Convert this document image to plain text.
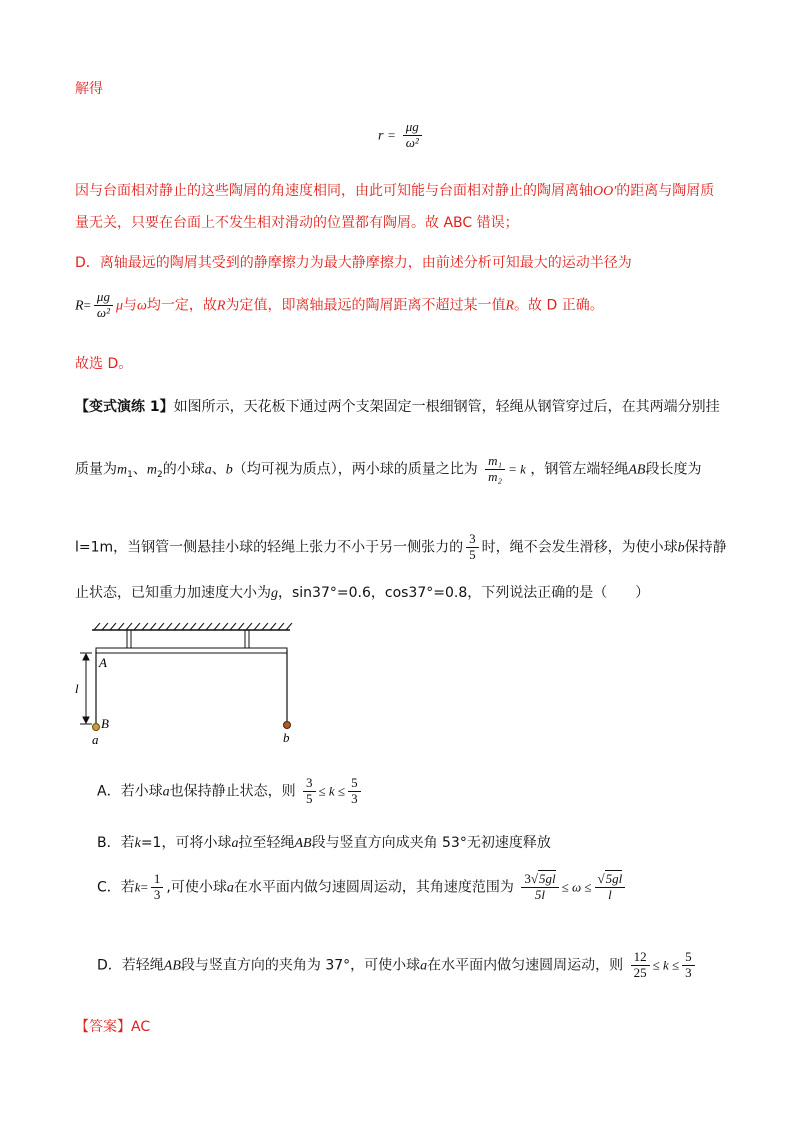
解得
$r = \frac{\mu g}{\text{ω²}}$
因与台面相对静止的这些陶屑的角速度相同，由此可知能与台面相对静止的陶屑离轴OO′的距离与陶屑质
量无关，只要在台面上不发生相对滑动的位置都有陶屑。故 ABC 错误；
D．离轴最远的陶屑其受到的静摩擦力为最大静摩擦力，由前述分析可知最大的运动半径为
$R= \frac{\mu g}{\text{ω²}}$ μ与ω均一定，故R为定值，即离轴最远的陶屑距离不超过某一值R。故 D 正确。
故选 D。
【变式演练 1】如图所示，天花板下通过两个支架固定一根细钢管，轻绳从钢管穿过后，在其两端分别挂
质量为$m_1$、$m_2$的小球a、b（均可视为质点），两小球的质量之比为 $\frac{\text{m₁}}{\text{m₂}} = k$ ，钢管左端轻绳AB段长度为
l=1m，当钢管一侧悬挂小球的轻绳上张力不小于另一侧张力的 $\frac{3}{5}$ 时，绳不会发生滑移，为使小球b保持静
止状态，已知重力加速度大小为g，sin37°=0.6，cos37°=0.8，下列说法正确的是（　　）
A
B
l
a	b
A．若小球a也保持静止状态，则 $\frac{3}{5} \le k \le \frac{5}{3}$
B．若k=1，可将小球a拉至轻绳AB段与竖直方向成夹角 53°无初速度释放
C．若$k= \frac{1}{3}$ ,可使小球a在水平面内做匀速圆周运动，其角速度范围为 $\frac{3√5gl}{5l} \le \omega \le \frac{√5gl}{l}$
D．若轻绳AB段与竖直方向的夹角为 37°，可使小球a在水平面内做匀速圆周运动，则 $\frac{12}{25} \le k \le \frac{5}{3}$
【答案】AC
